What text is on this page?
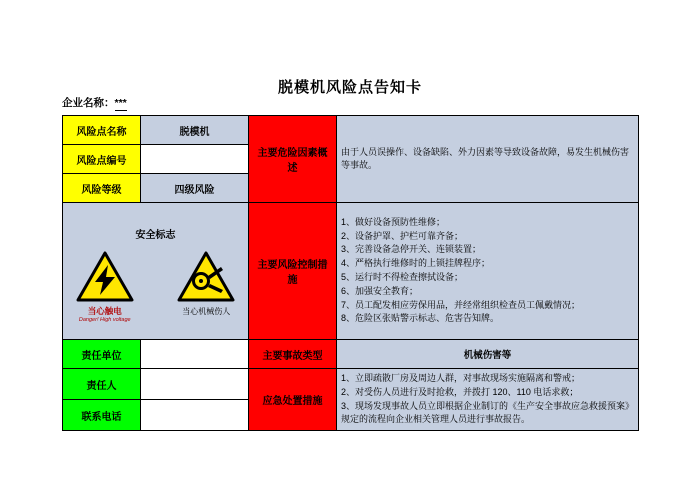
脱模机风险点告知卡
企业名称：***
风险点名称	脱模机	主要危险因素概述	由于人员误操作、设备缺陷、外力因素等导致设备故障，易发生机械伤害等事故。
风险点编号			
风险等级	四级风险		

安全标志
当心触电
Danger! High voltage
当心机械伤人
	主要风险控制措施	

1、做好设备预防性维修；

2、设备护罩、护栏可靠齐备；

3、完善设备急停开关、连锁装置；

4、严格执行维修时的上锁挂牌程序；

5、运行时不得检查擦拭设备；

6、加强安全教育；

7、员工配发相应劳保用品，并经常组织检查员工佩戴情况；

8、危险区张贴警示标志、危害告知牌。

责任单位		主要事故类型	机械伤害等
责任人		应急处置措施	1、立即疏散厂房及周边人群，对事故现场实施隔离和警戒；

2、对受伤人员进行及时抢救，并拨打 120、110 电话求救；

3、现场发现事故人员立即根据企业制订的《生产安全事故应急救援预案》规定的流程向企业相关管理人员进行事故报告。

联系电话			
